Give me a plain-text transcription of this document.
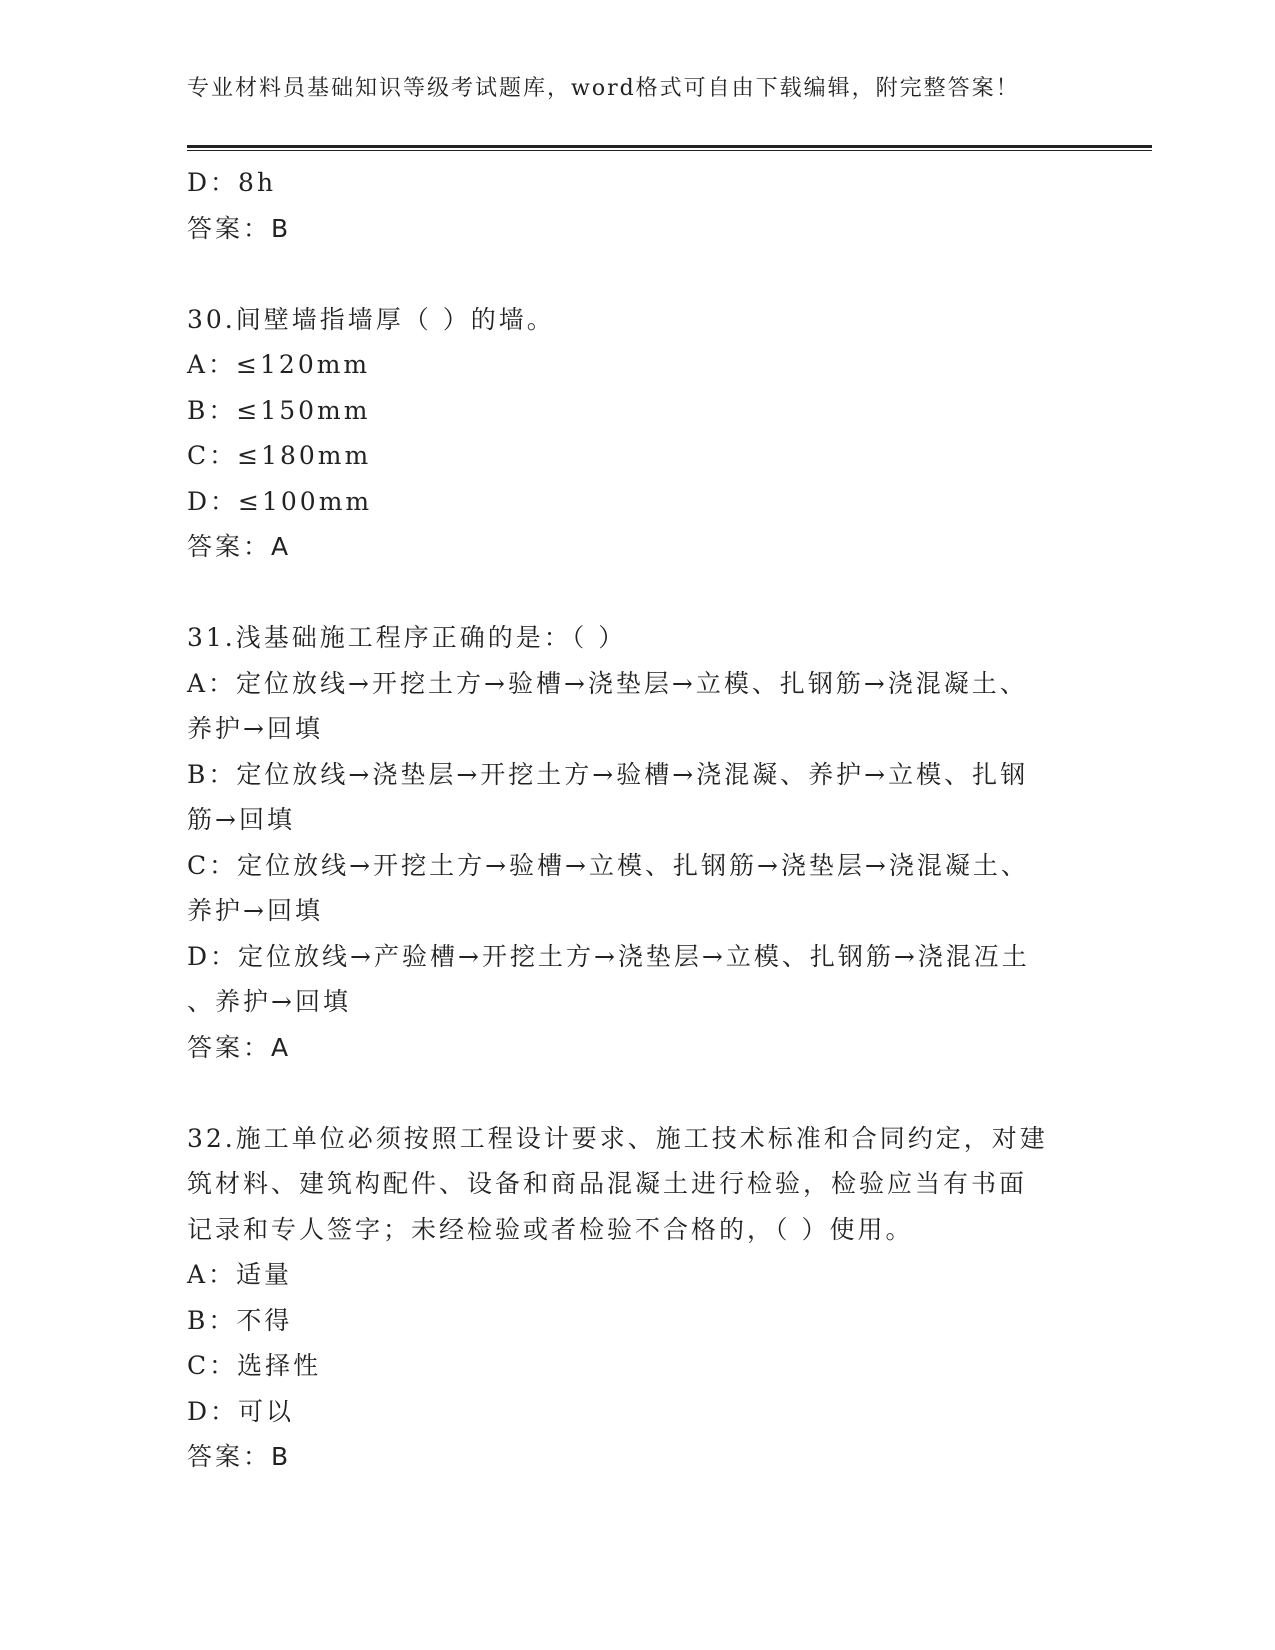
专业材料员基础知识等级考试题库，word格式可自由下载编辑，附完整答案！
D：8h
答案：B
30.间壁墙指墙厚（ ）的墙。
A：≤120mm
B：≤150mm
C：≤180mm
D：≤100mm
答案：A
31.浅基础施工程序正确的是：（ ）
A：定位放线→开挖土方→验槽→浇垫层→立模、扎钢筋→浇混凝土、
养护→回填
B：定位放线→浇垫层→开挖土方→验槽→浇混凝、养护→立模、扎钢
筋→回填
C：定位放线→开挖土方→验槽→立模、扎钢筋→浇垫层→浇混凝土、
养护→回填
D：定位放线→产验槽→开挖土方→浇垫层→立模、扎钢筋→浇混冱土
、养护→回填
答案：A
32.施工单位必须按照工程设计要求、施工技术标准和合同约定，对建
筑材料、建筑构配件、设备和商品混凝土进行检验，检验应当有书面
记录和专人签字；未经检验或者检验不合格的，（ ）使用。
A：适量
B：不得
C：选择性
D：可以
答案：B
